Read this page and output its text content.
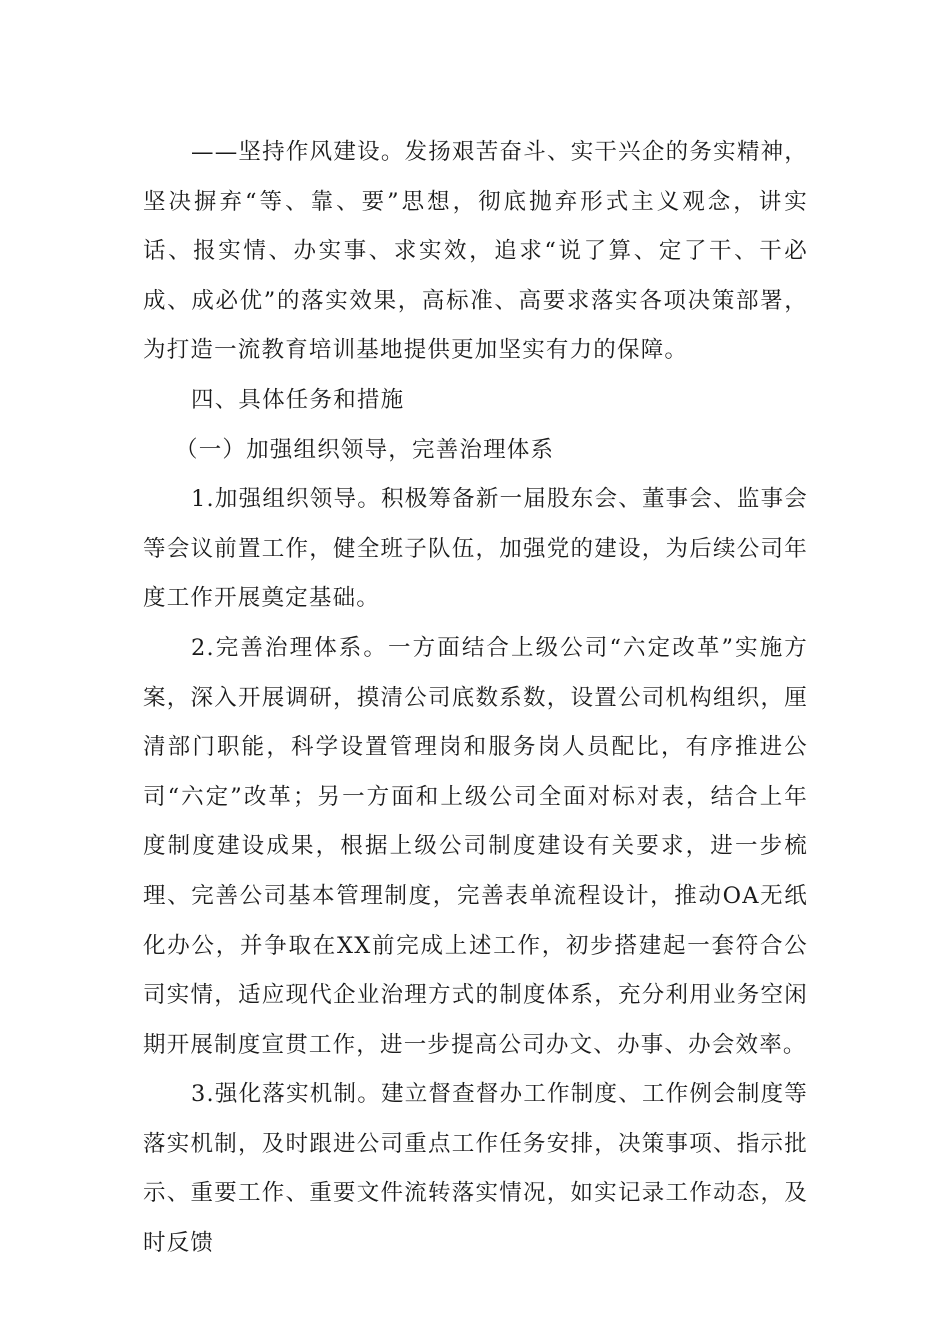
——坚持作风建设。发扬艰苦奋斗、实干兴企的务实精神，坚决摒弃“等、靠、要”思想，彻底抛弃形式主义观念，讲实话、报实情、办实事、求实效，追求“说了算、定了干、干必成、成必优”的落实效果，高标准、高要求落实各项决策部署，为打造一流教育培训基地提供更加坚实有力的保障。

四、具体任务和措施

（一）加强组织领导，完善治理体系

1.加强组织领导。积极筹备新一届股东会、董事会、监事会等会议前置工作，健全班子队伍，加强党的建设，为后续公司年度工作开展奠定基础。

2.完善治理体系。一方面结合上级公司“六定改革”实施方案，深入开展调研，摸清公司底数系数，设置公司机构组织，厘清部门职能，科学设置管理岗和服务岗人员配比，有序推进公司“六定”改革；另一方面和上级公司全面对标对表，结合上年度制度建设成果，根据上级公司制度建设有关要求，进一步梳理、完善公司基本管理制度，完善表单流程设计，推动OA无纸化办公，并争取在XX前完成上述工作，初步搭建起一套符合公司实情，适应现代企业治理方式的制度体系，充分利用业务空闲期开展制度宣贯工作，进一步提高公司办文、办事、办会效率。

3.强化落实机制。建立督查督办工作制度、工作例会制度等落实机制，及时跟进公司重点工作任务安排，决策事项、指示批示、重要工作、重要文件流转落实情况，如实记录工作动态，及时反馈
